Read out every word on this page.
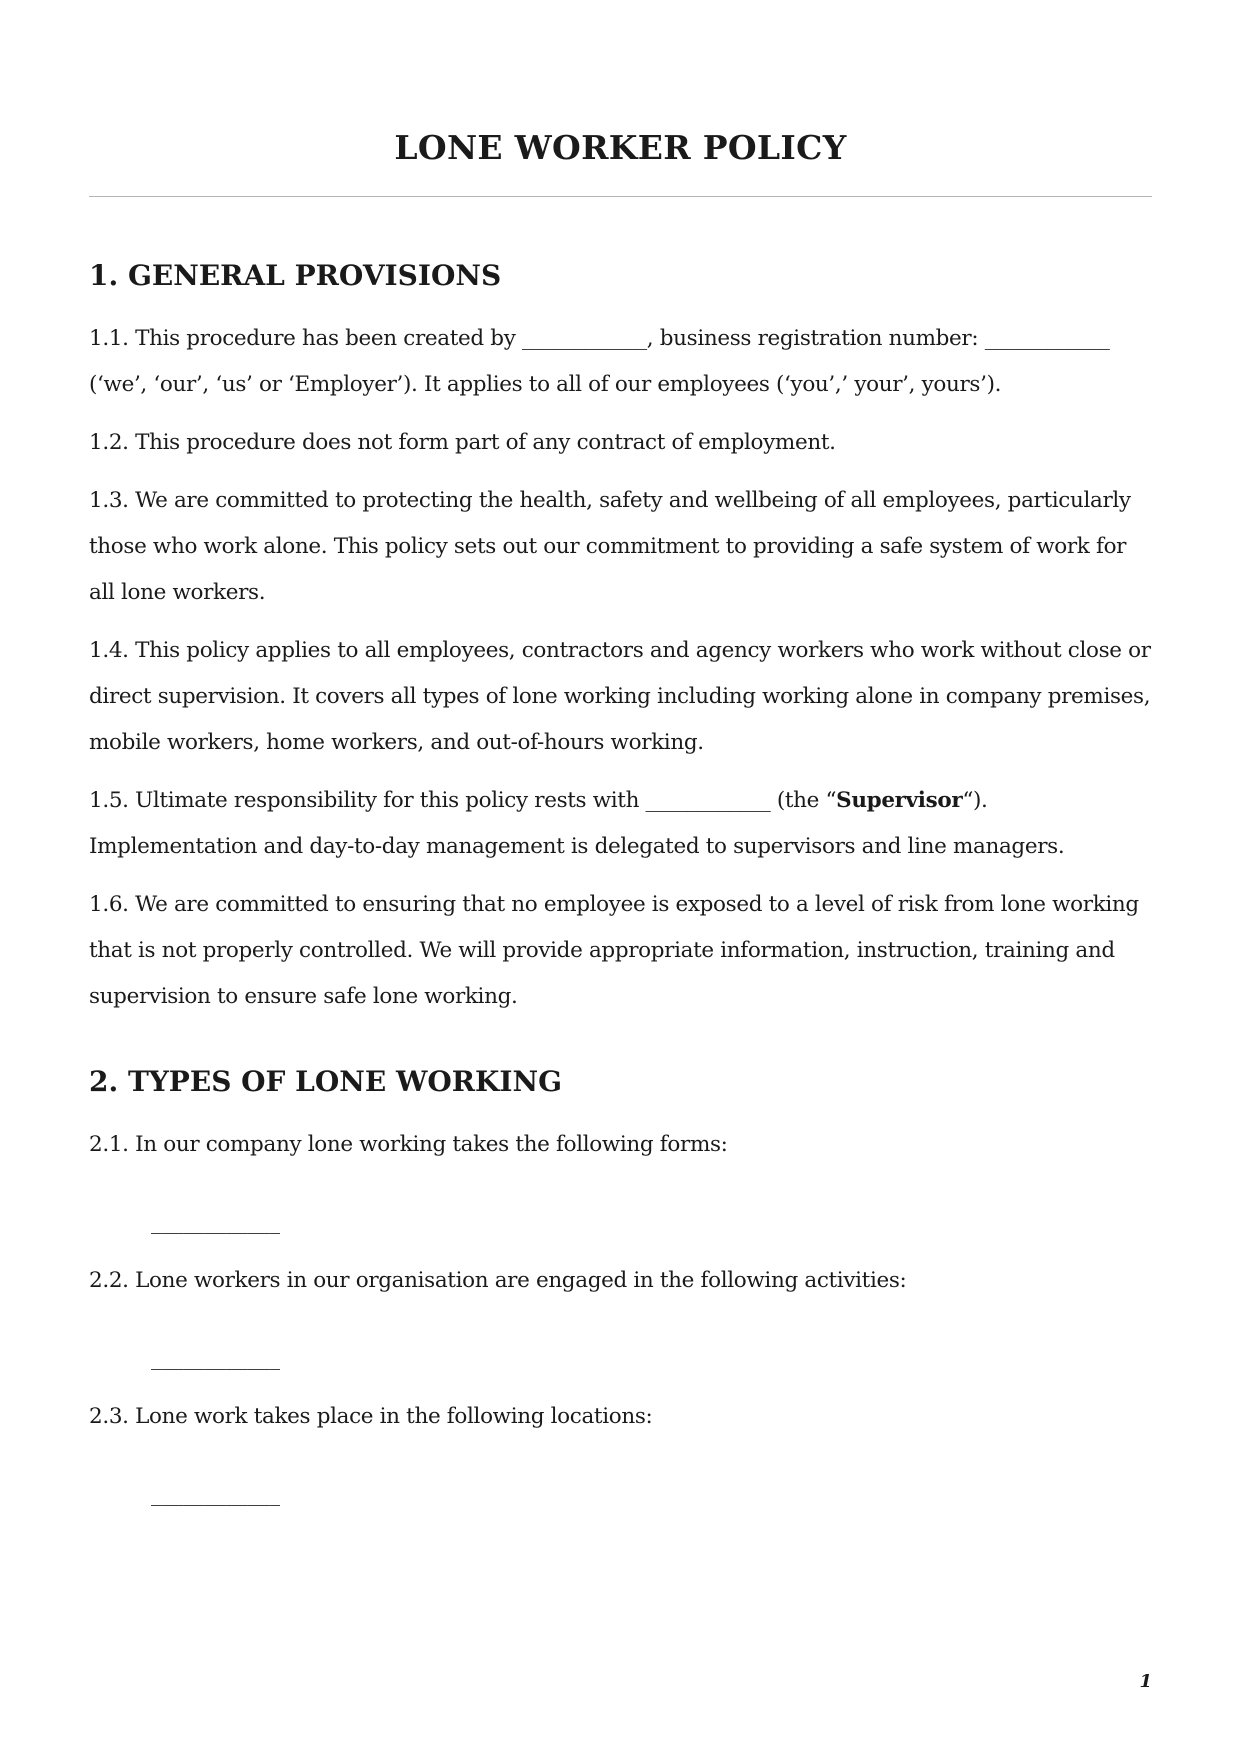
LONE WORKER POLICY
1. GENERAL PROVISIONS

1.1. This procedure has been created by ____________, business registration number: ____________ (‘we’, ‘our’, ‘us’ or ‘Employer’). It applies to all of our employees (‘you’,’ your’, yours’).

1.2. This procedure does not form part of any contract of employment.

1.3. We are committed to protecting the health, safety and wellbeing of all employees, particularly those who work alone. This policy sets out our commitment to providing a safe system of work for all lone workers.

1.4. This policy applies to all employees, contractors and agency workers who work without close or direct supervision. It covers all types of lone working including working alone in company premises, mobile workers, home workers, and out-of-hours working.

1.5. Ultimate responsibility for this policy rests with ____________ (the “Supervisor“). Implementation and day-to-day management is delegated to supervisors and line managers.

1.6. We are committed to ensuring that no employee is exposed to a level of risk from lone working that is not properly controlled. We will provide appropriate information, instruction, training and supervision to ensure safe lone working.

2. TYPES OF LONE WORKING

2.1. In our company lone working takes the following forms:

____________

2.2. Lone workers in our organisation are engaged in the following activities:

____________

2.3. Lone work takes place in the following locations:

____________
1
